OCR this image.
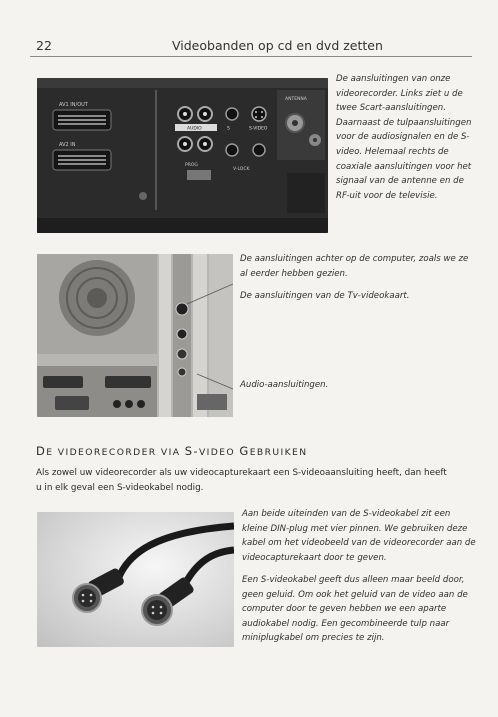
22	Videobanden op cd en dvd zetten
AV1 IN/OUT
AV2 IN
AUDIO	S	S-VIDEO
PROG
V-LOCK
ANTENNA
De aansluitingen van onze videorecorder. Links ziet u de twee Scart-aansluitingen. Daarnaast de tulpaansluitingen voor de audiosignalen en de S-video. Helemaal rechts de coaxiale aansluitingen voor het signaal van de antenne en de RF-uit voor de televisie.
De aansluitingen achter op de computer, zoals we ze al eerder hebben gezien.
De aansluitingen van de Tv-videokaart.
Audio-aansluitingen.
DE VIDEORECORDER VIA S-VIDEO GEBRUIKEN
Als zowel uw videorecorder als uw videocapturekaart een S-videoaansluiting heeft, dan heeft
u in elk geval een S-videokabel nodig.
Aan beide uiteinden van de S-videokabel zit een kleine DIN-plug met vier pinnen. We gebruiken deze kabel om het videobeeld van de videorecorder aan de videocapturekaart door te geven.
Een S-videokabel geeft dus alleen maar beeld door, geen geluid. Om ook het geluid van de video aan de computer door te geven hebben we een aparte audiokabel nodig. Een gecombineerde tulp naar miniplugkabel om precies te zijn.
